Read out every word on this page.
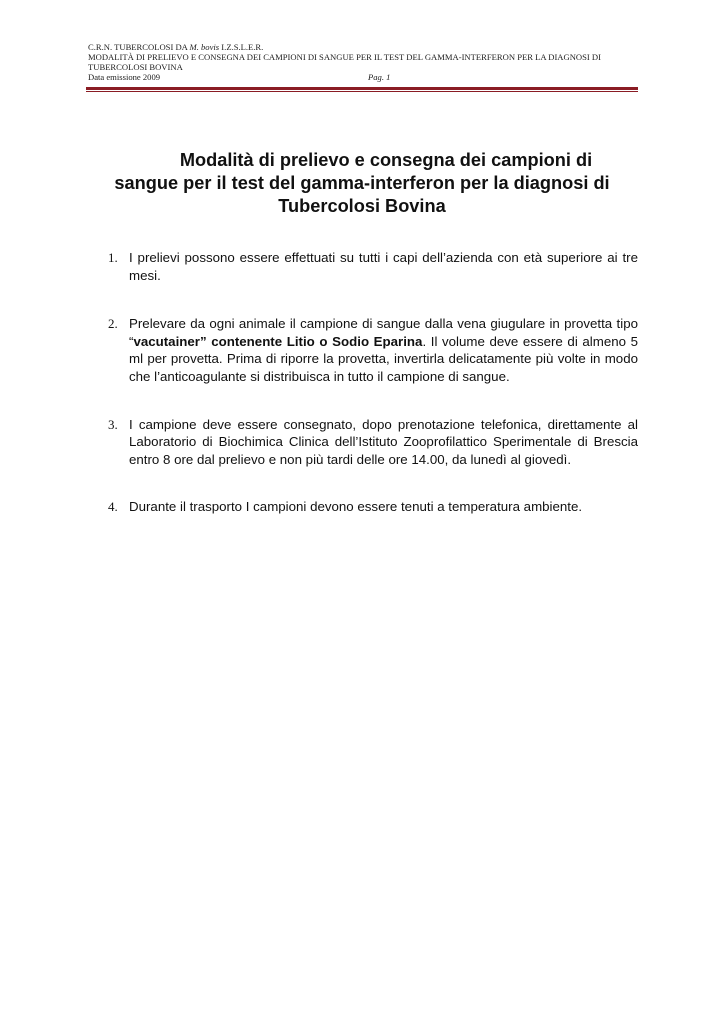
C.R.N. TUBERCOLOSI DA M. bovis I.Z.S.L.E.R.
MODALITÀ DI PRELIEVO E CONSEGNA DEI CAMPIONI DI SANGUE PER IL TEST DEL GAMMA-INTERFERON PER LA DIAGNOSI DI TUBERCOLOSI BOVINA
Data emissione 2009	Pag. 1
Modalità di prelievo e consegna dei campioni di
sangue per il test del gamma-interferon per la diagnosi di
Tubercolosi Bovina
1. I prelievi possono essere effettuati su tutti i capi dell’azienda con età superiore ai tre mesi.
2. Prelevare da ogni animale il campione di sangue dalla vena giugulare in provetta tipo “vacutainer” contenente Litio o Sodio Eparina. Il volume deve essere di almeno 5 ml per provetta. Prima di riporre la provetta, invertirla delicatamente più volte in modo che l’anticoagulante si distribuisca in tutto il campione di sangue.
3. I campione deve essere consegnato, dopo prenotazione telefonica, direttamente al Laboratorio di Biochimica Clinica dell’Istituto Zooprofilattico Sperimentale di Brescia entro 8 ore dal prelievo e non più tardi delle ore 14.00, da lunedì al giovedì.
4. Durante il trasporto I campioni devono essere tenuti a temperatura ambiente.
